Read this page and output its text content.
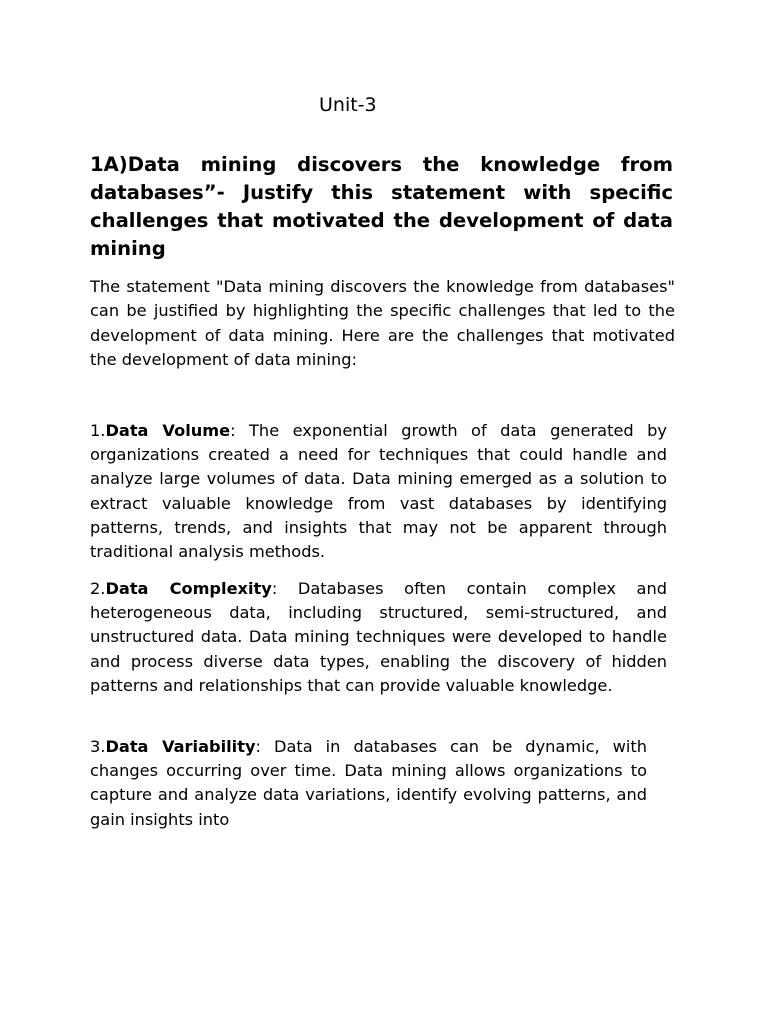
Unit-3
1A)Data mining discovers the knowledge from databases”- Justify this statement with specific challenges that motivated the development of data mining
The statement "Data mining discovers the knowledge from databases" can be justified by highlighting the specific challenges that led to the development of data mining. Here are the challenges that motivated the development of data mining:
1.Data Volume: The exponential growth of data generated by organizations created a need for techniques that could handle and analyze large volumes of data. Data mining emerged as a solution to extract valuable knowledge from vast databases by identifying patterns, trends, and insights that may not be apparent through traditional analysis methods.
2.Data Complexity: Databases often contain complex and heterogeneous data, including structured, semi-structured, and unstructured data. Data mining techniques were developed to handle and process diverse data types, enabling the discovery of hidden patterns and relationships that can provide valuable knowledge.
3.Data Variability: Data in databases can be dynamic, with changes occurring over time. Data mining allows organizations to capture and analyze data variations, identify evolving patterns, and gain insights into
